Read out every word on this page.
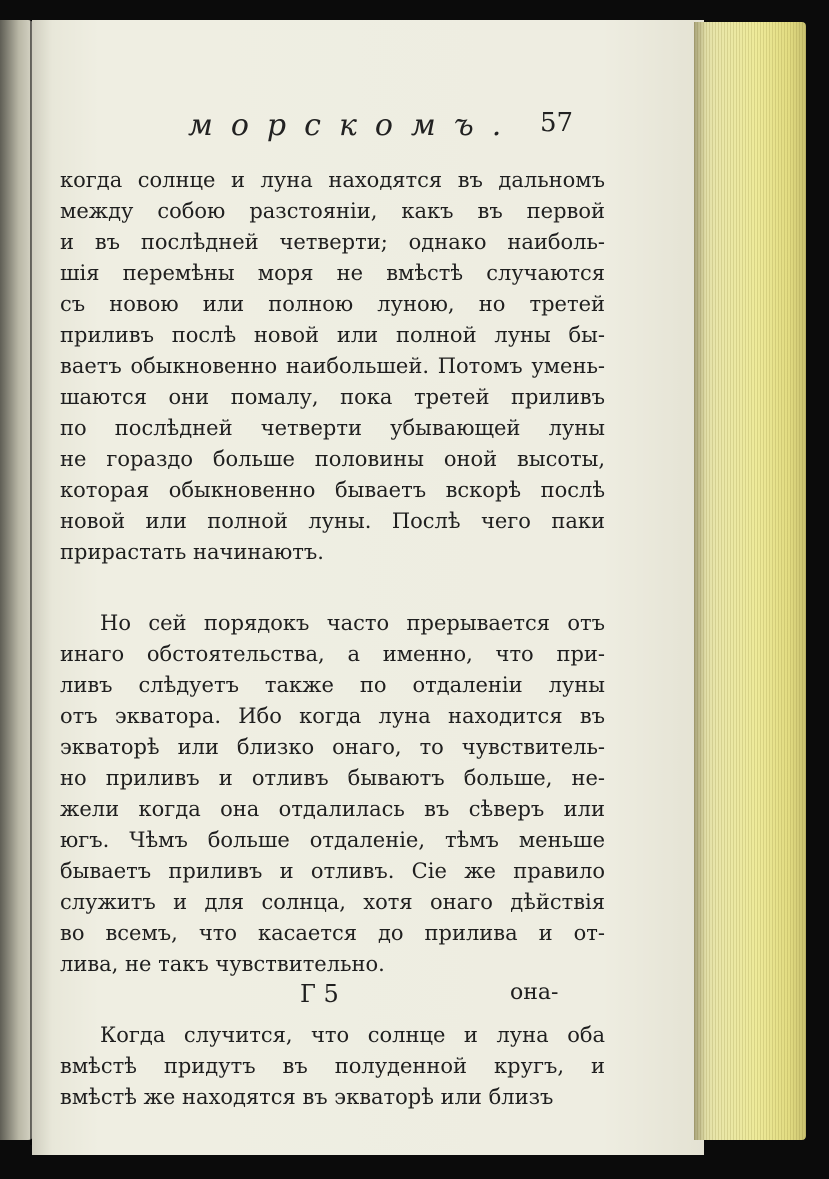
морскомъ. 57
когда солнце и луна находятся въ дальномъ
между собою разстоянiи, какъ въ первой
и въ послѣдней четверти; однако наиболь-
шiя перемѣны моря не вмѣстѣ случаются
съ новою или полною луною, но третей
приливъ послѣ новой или полной луны бы-
ваетъ обыкновенно наибольшей. Потомъ умень-
шаются они помалу, пока третей приливъ
по послѣдней четверти убывающей луны
не гораздо больше половины оной высоты,
которая обыкновенно бываетъ вскорѣ послѣ
новой или полной луны. Послѣ чего паки
прирастать начинаютъ.
Но сей порядокъ часто прерывается отъ
инаго обстоятельства, а именно, что при-
ливъ слѣдуетъ также по отдаленiи луны
отъ экватора. Ибо когда луна находится въ
экваторѣ или близко онаго, то чувствитель-
но приливъ и отливъ бываютъ больше, не-
жели когда она отдалилась въ сѣверъ или
югъ. Чѣмъ больше отдаленiе, тѣмъ меньше
бываетъ приливъ и отливъ. Сiе же правило
служитъ и для солнца, хотя онаго дѣйствiя
во всемъ, что касается до прилива и от-
лива, не такъ чувствительно.
Когда случится, что солнце и луна оба
вмѣстѣ придутъ въ полуденной кругъ, и
вмѣстѣ же находятся въ экваторѣ или близъ
Г 5	она-
